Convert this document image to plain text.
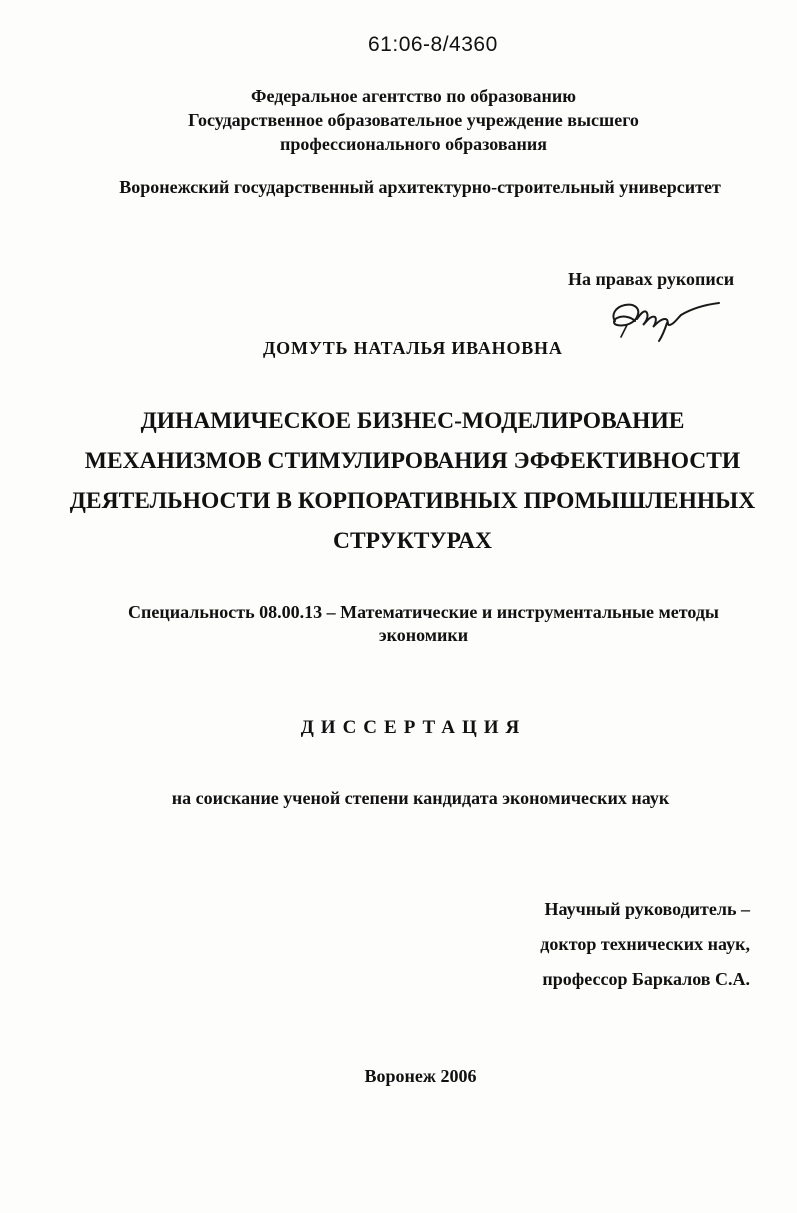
61:06-8/4360

Федеральное агентство по образованию
Государственное образовательное учреждение высшего
профессионального образования

Воронежский государственный архитектурно-строительный университет

На правах рукописи

ДОМУТЬ НАТАЛЬЯ ИВАНОВНА

ДИНАМИЧЕСКОЕ БИЗНЕС-МОДЕЛИРОВАНИЕ
МЕХАНИЗМОВ СТИМУЛИРОВАНИЯ ЭФФЕКТИВНОСТИ
ДЕЯТЕЛЬНОСТИ В КОРПОРАТИВНЫХ ПРОМЫШЛЕННЫХ
СТРУКТУРАХ
Специальность 08.00.13 – Математические и инструментальные методы
экономики

ДИССЕРТАЦИЯ

на соискание ученой степени кандидата экономических наук

Научный руководитель –
доктор технических наук,
профессор Баркалов С.А.

Воронеж 2006
